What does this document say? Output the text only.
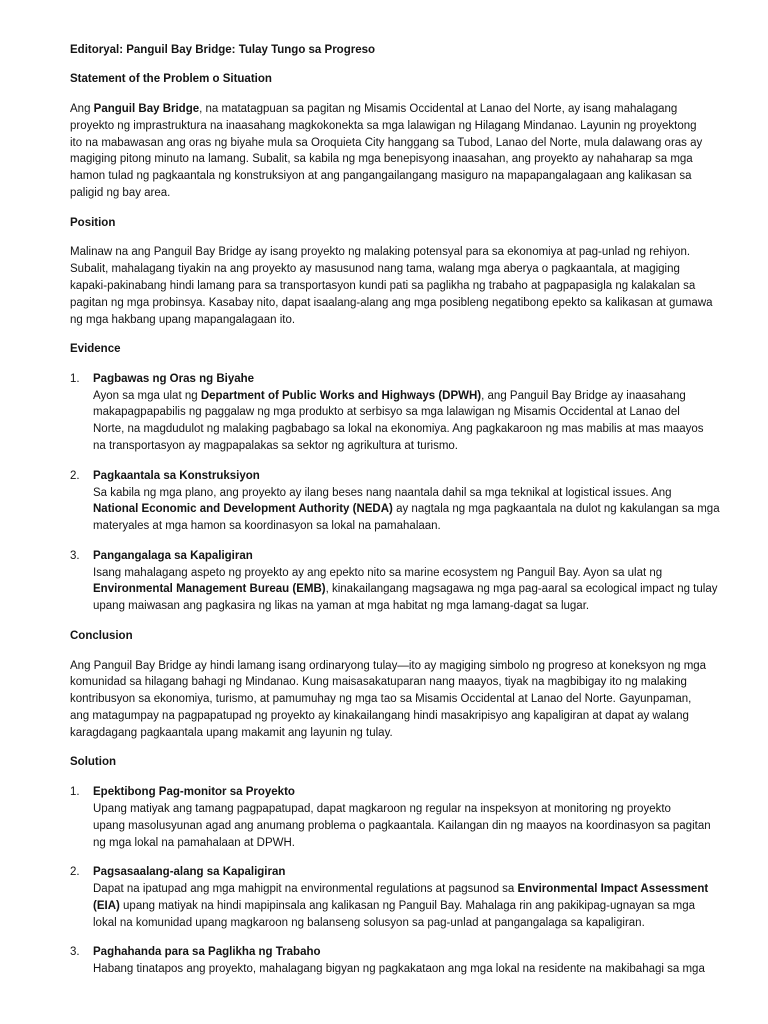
Editoryal: Panguil Bay Bridge: Tulay Tungo sa Progreso
Statement of the Problem o Situation
Ang Panguil Bay Bridge, na matatagpuan sa pagitan ng Misamis Occidental at Lanao del Norte, ay isang mahalagang
proyekto ng imprastruktura na inaasahang magkokonekta sa mga lalawigan ng Hilagang Mindanao. Layunin ng proyektong
ito na mabawasan ang oras ng biyahe mula sa Oroquieta City hanggang sa Tubod, Lanao del Norte, mula dalawang oras ay
magiging pitong minuto na lamang. Subalit, sa kabila ng mga benepisyong inaasahan, ang proyekto ay nahaharap sa mga
hamon tulad ng pagkaantala ng konstruksiyon at ang pangangailangang masiguro na mapapangalagaan ang kalikasan sa
paligid ng bay area.
Position
Malinaw na ang Panguil Bay Bridge ay isang proyekto ng malaking potensyal para sa ekonomiya at pag-unlad ng rehiyon.
Subalit, mahalagang tiyakin na ang proyekto ay masusunod nang tama, walang mga aberya o pagkaantala, at magiging
kapaki-pakinabang hindi lamang para sa transportasyon kundi pati sa paglikha ng trabaho at pagpapasigla ng kalakalan sa
pagitan ng mga probinsya. Kasabay nito, dapat isaalang-alang ang mga posibleng negatibong epekto sa kalikasan at gumawa
ng mga hakbang upang mapangalagaan ito.
Evidence
1.	Pagbawas ng Oras ng Biyahe
Ayon sa mga ulat ng Department of Public Works and Highways (DPWH), ang Panguil Bay Bridge ay inaasahang
makapagpapabilis ng paggalaw ng mga produkto at serbisyo sa mga lalawigan ng Misamis Occidental at Lanao del
Norte, na magdudulot ng malaking pagbabago sa lokal na ekonomiya. Ang pagkakaroon ng mas mabilis at mas maayos
na transportasyon ay magpapalakas sa sektor ng agrikultura at turismo.
2.	Pagkaantala sa Konstruksiyon
Sa kabila ng mga plano, ang proyekto ay ilang beses nang naantala dahil sa mga teknikal at logistical issues. Ang
National Economic and Development Authority (NEDA) ay nagtala ng mga pagkaantala na dulot ng kakulangan sa mga
materyales at mga hamon sa koordinasyon sa lokal na pamahalaan.
3.	Pangangalaga sa Kapaligiran
Isang mahalagang aspeto ng proyekto ay ang epekto nito sa marine ecosystem ng Panguil Bay. Ayon sa ulat ng
Environmental Management Bureau (EMB), kinakailangang magsagawa ng mga pag-aaral sa ecological impact ng tulay
upang maiwasan ang pagkasira ng likas na yaman at mga habitat ng mga lamang-dagat sa lugar.
Conclusion
Ang Panguil Bay Bridge ay hindi lamang isang ordinaryong tulay—ito ay magiging simbolo ng progreso at koneksyon ng mga
komunidad sa hilagang bahagi ng Mindanao. Kung maisasakatuparan nang maayos, tiyak na magbibigay ito ng malaking
kontribusyon sa ekonomiya, turismo, at pamumuhay ng mga tao sa Misamis Occidental at Lanao del Norte. Gayunpaman,
ang matagumpay na pagpapatupad ng proyekto ay kinakailangang hindi masakripisyo ang kapaligiran at dapat ay walang
karagdagang pagkaantala upang makamit ang layunin ng tulay.
Solution
1.	Epektibong Pag-monitor sa Proyekto
Upang matiyak ang tamang pagpapatupad, dapat magkaroon ng regular na inspeksyon at monitoring ng proyekto
upang masolusyunan agad ang anumang problema o pagkaantala. Kailangan din ng maayos na koordinasyon sa pagitan
ng mga lokal na pamahalaan at DPWH.
2.	Pagsasaalang-alang sa Kapaligiran
Dapat na ipatupad ang mga mahigpit na environmental regulations at pagsunod sa Environmental Impact Assessment
(EIA) upang matiyak na hindi mapipinsala ang kalikasan ng Panguil Bay. Mahalaga rin ang pakikipag-ugnayan sa mga
lokal na komunidad upang magkaroon ng balanseng solusyon sa pag-unlad at pangangalaga sa kapaligiran.
3.	Paghahanda para sa Paglikha ng Trabaho
Habang tinatapos ang proyekto, mahalagang bigyan ng pagkakataon ang mga lokal na residente na makibahagi sa mga
